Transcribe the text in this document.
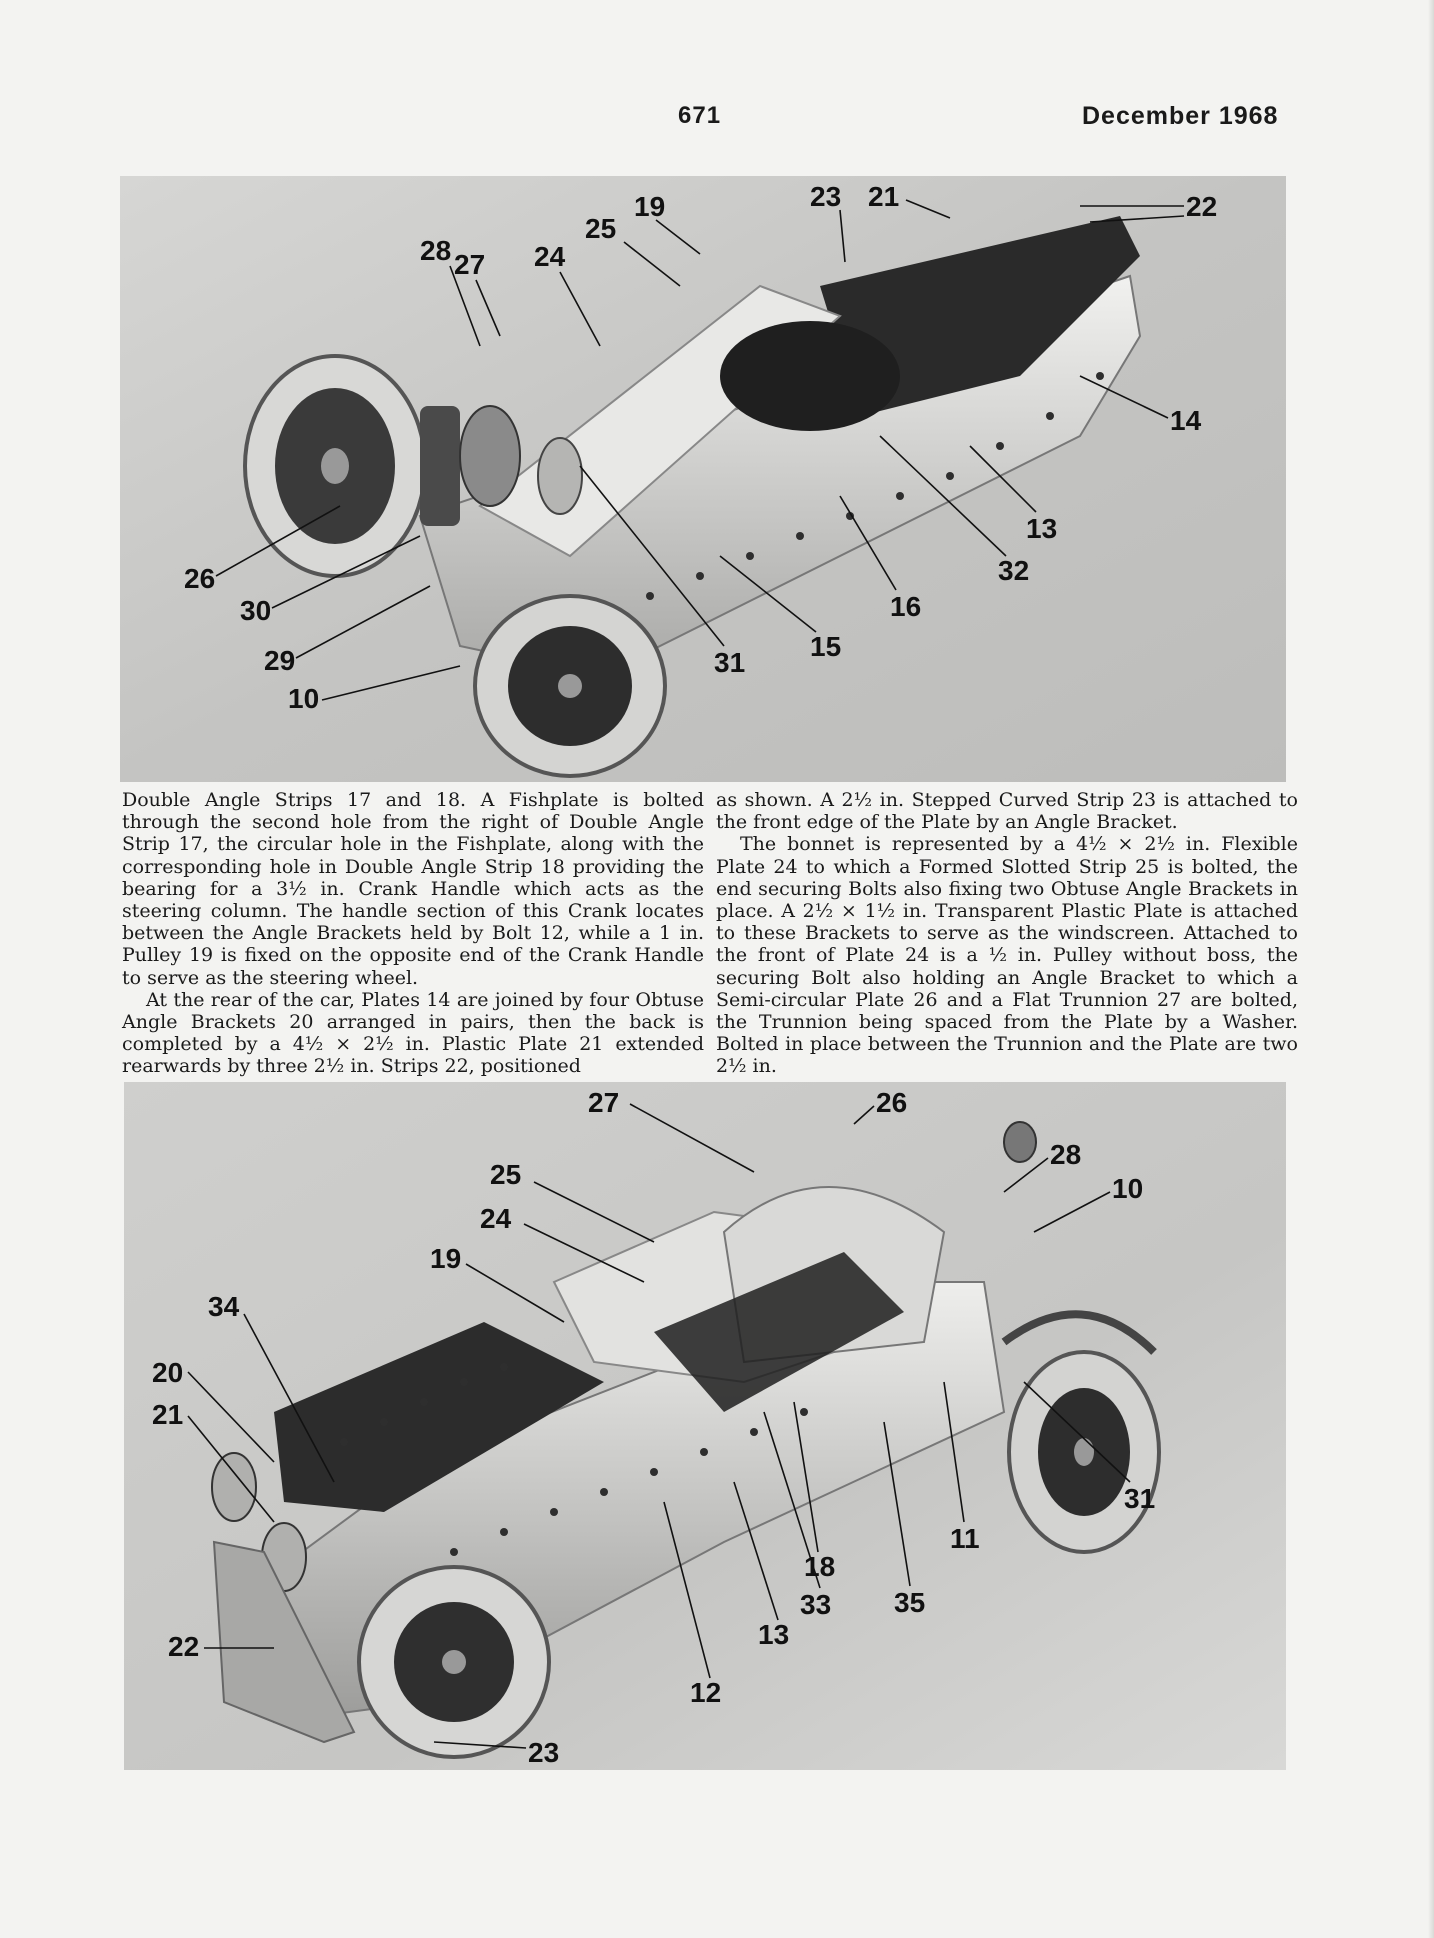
671	December 1968
19
25
23 21	22
28 27 24
14
13
32
26
30	16
29	31
15
10

Double Angle Strips 17 and 18. A Fishplate is bolted through the second hole from the right of Double Angle Strip 17, the circular hole in the Fishplate, along with the corresponding hole in Double Angle Strip 18 providing the bearing for a 3½ in. Crank Handle which acts as the steering column. The handle section of this Crank locates between the Angle Brackets held by Bolt 12, while a 1 in. Pulley 19 is fixed on the opposite end of the Crank Handle to serve as the steering wheel.

At the rear of the car, Plates 14 are joined by four Obtuse Angle Brackets 20 arranged in pairs, then the back is completed by a 4½ × 2½ in. Plastic Plate 21 extended rearwards by three 2½ in. Strips 22, positioned

as shown. A 2½ in. Stepped Curved Strip 23 is attached to the front edge of the Plate by an Angle Bracket.

The bonnet is represented by a 4½ × 2½ in. Flexible Plate 24 to which a Formed Slotted Strip 25 is bolted, the end securing Bolts also fixing two Obtuse Angle Brackets in place. A 2½ × 1½ in. Transparent Plastic Plate is attached to these Brackets to serve as the windscreen. Attached to the front of Plate 24 is a ½ in. Pulley without boss, the securing Bolt also holding an Angle Bracket to which a Semi-circular Plate 26 and a Flat Trunnion 27 are bolted, the Trunnion being spaced from the Plate by a Washer. Bolted in place between the Trunnion and the Plate are two 2½ in.

27	26
28
25	10
24
19
34
20
21
31
11
18
33 35
13
22
12
23
